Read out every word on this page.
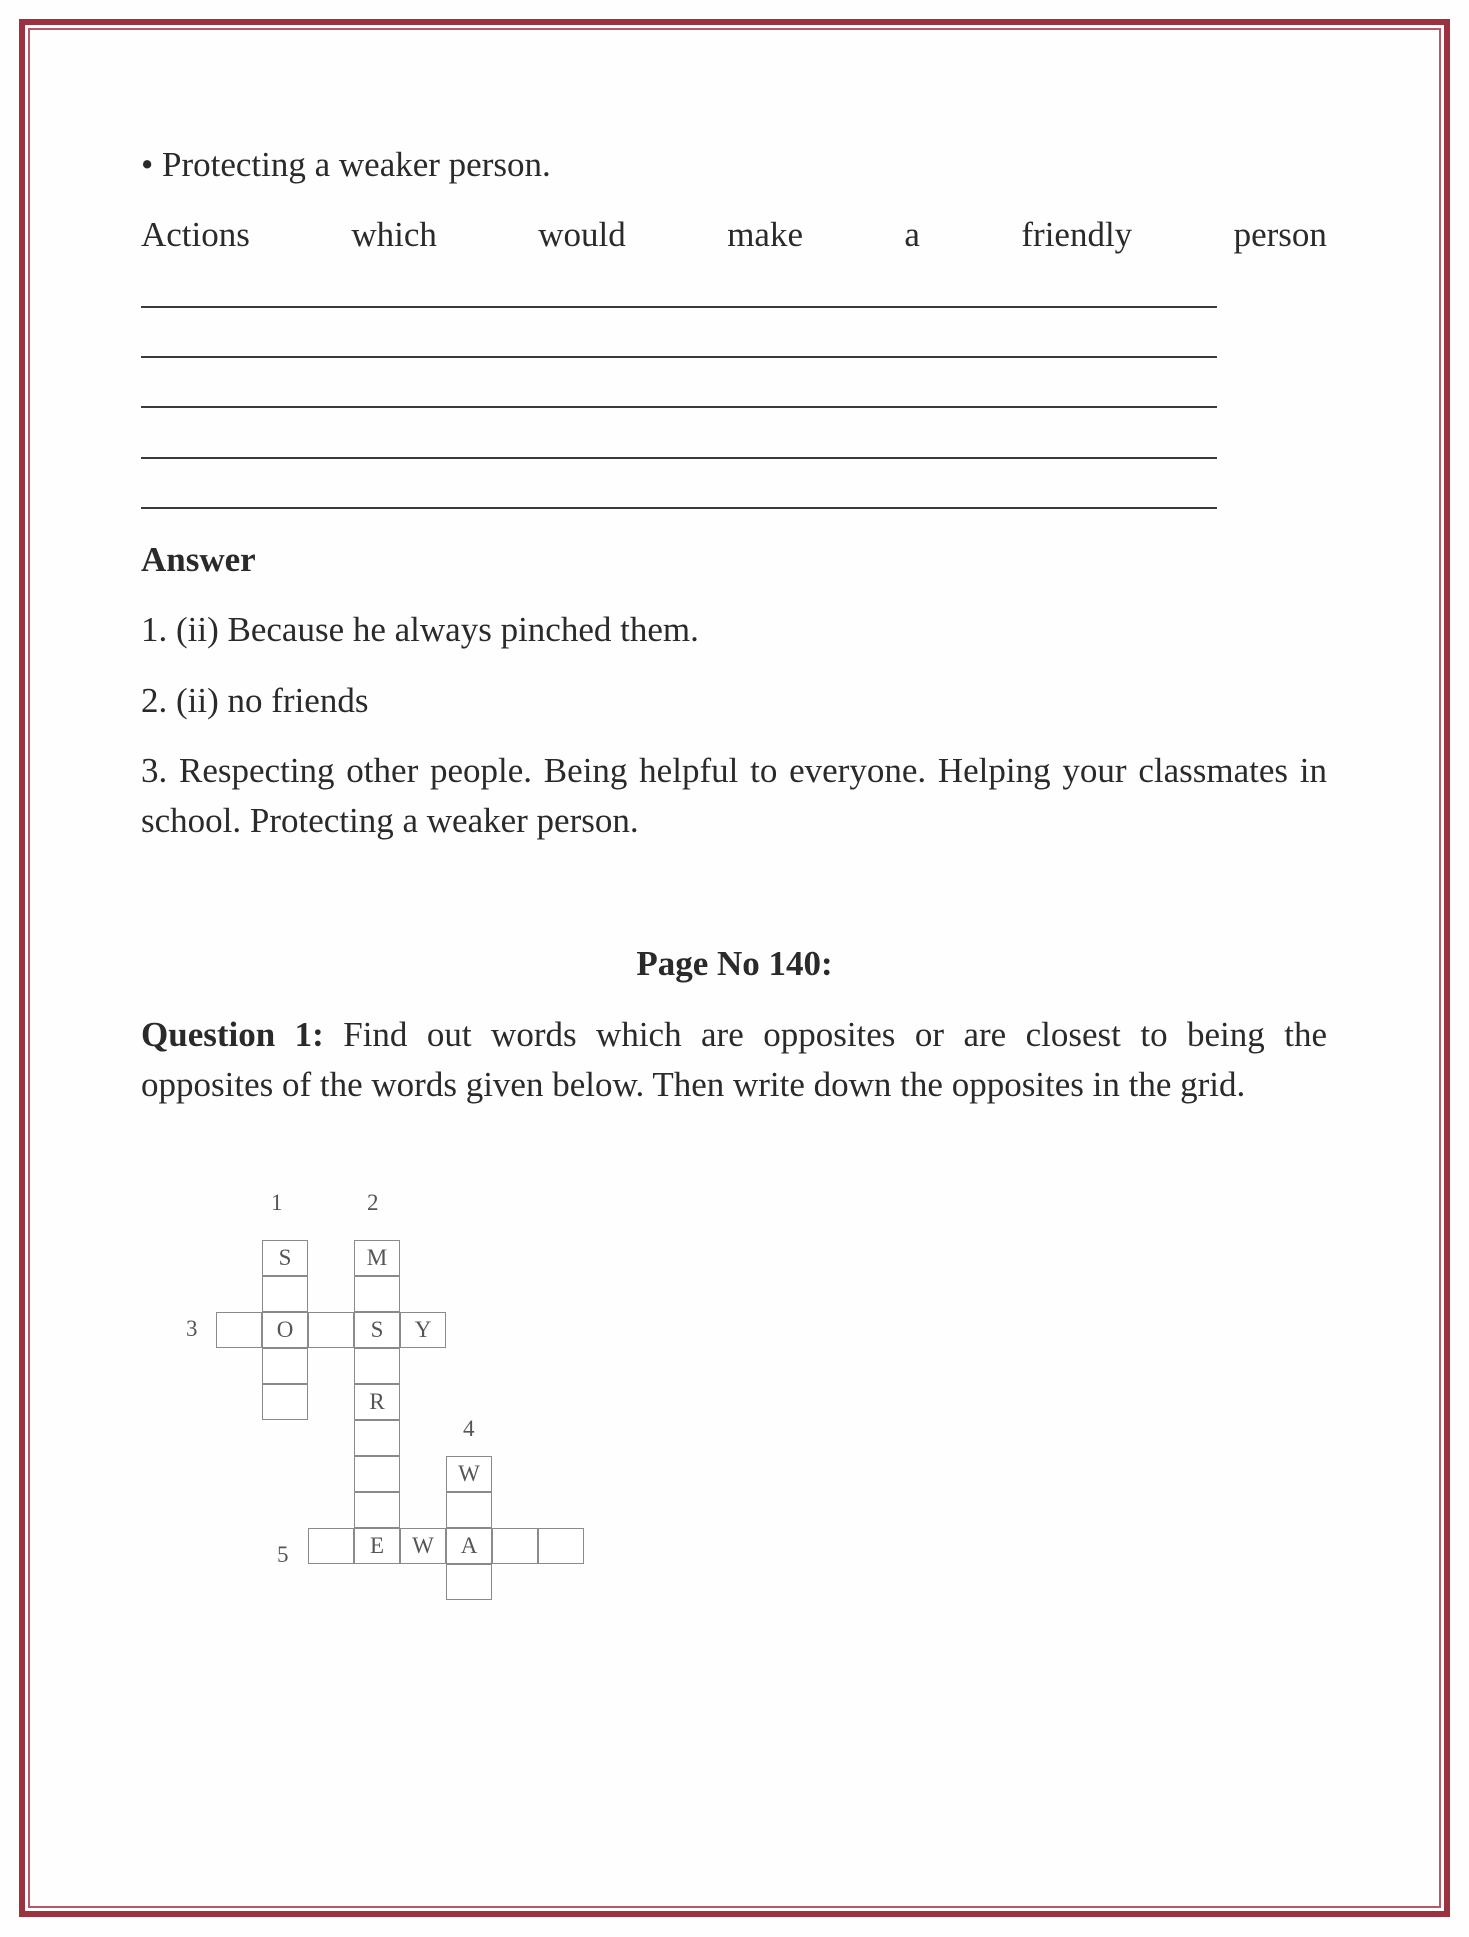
• Protecting a weaker person.
Actions	which	would	make	a	friendly	person
Answer
1. (ii) Because he always pinched them.
2. (ii) no friends
3. Respecting other people. Being helpful to everyone. Helping your classmates in school. Protecting a weaker person.
Page No 140:
Question 1: Find out words which are opposites or are closest to being the opposites of the words given below. Then write down the opposites in the grid.
1	2
3
4
5
S	M
R
O	S	Y
W
E	W	A
